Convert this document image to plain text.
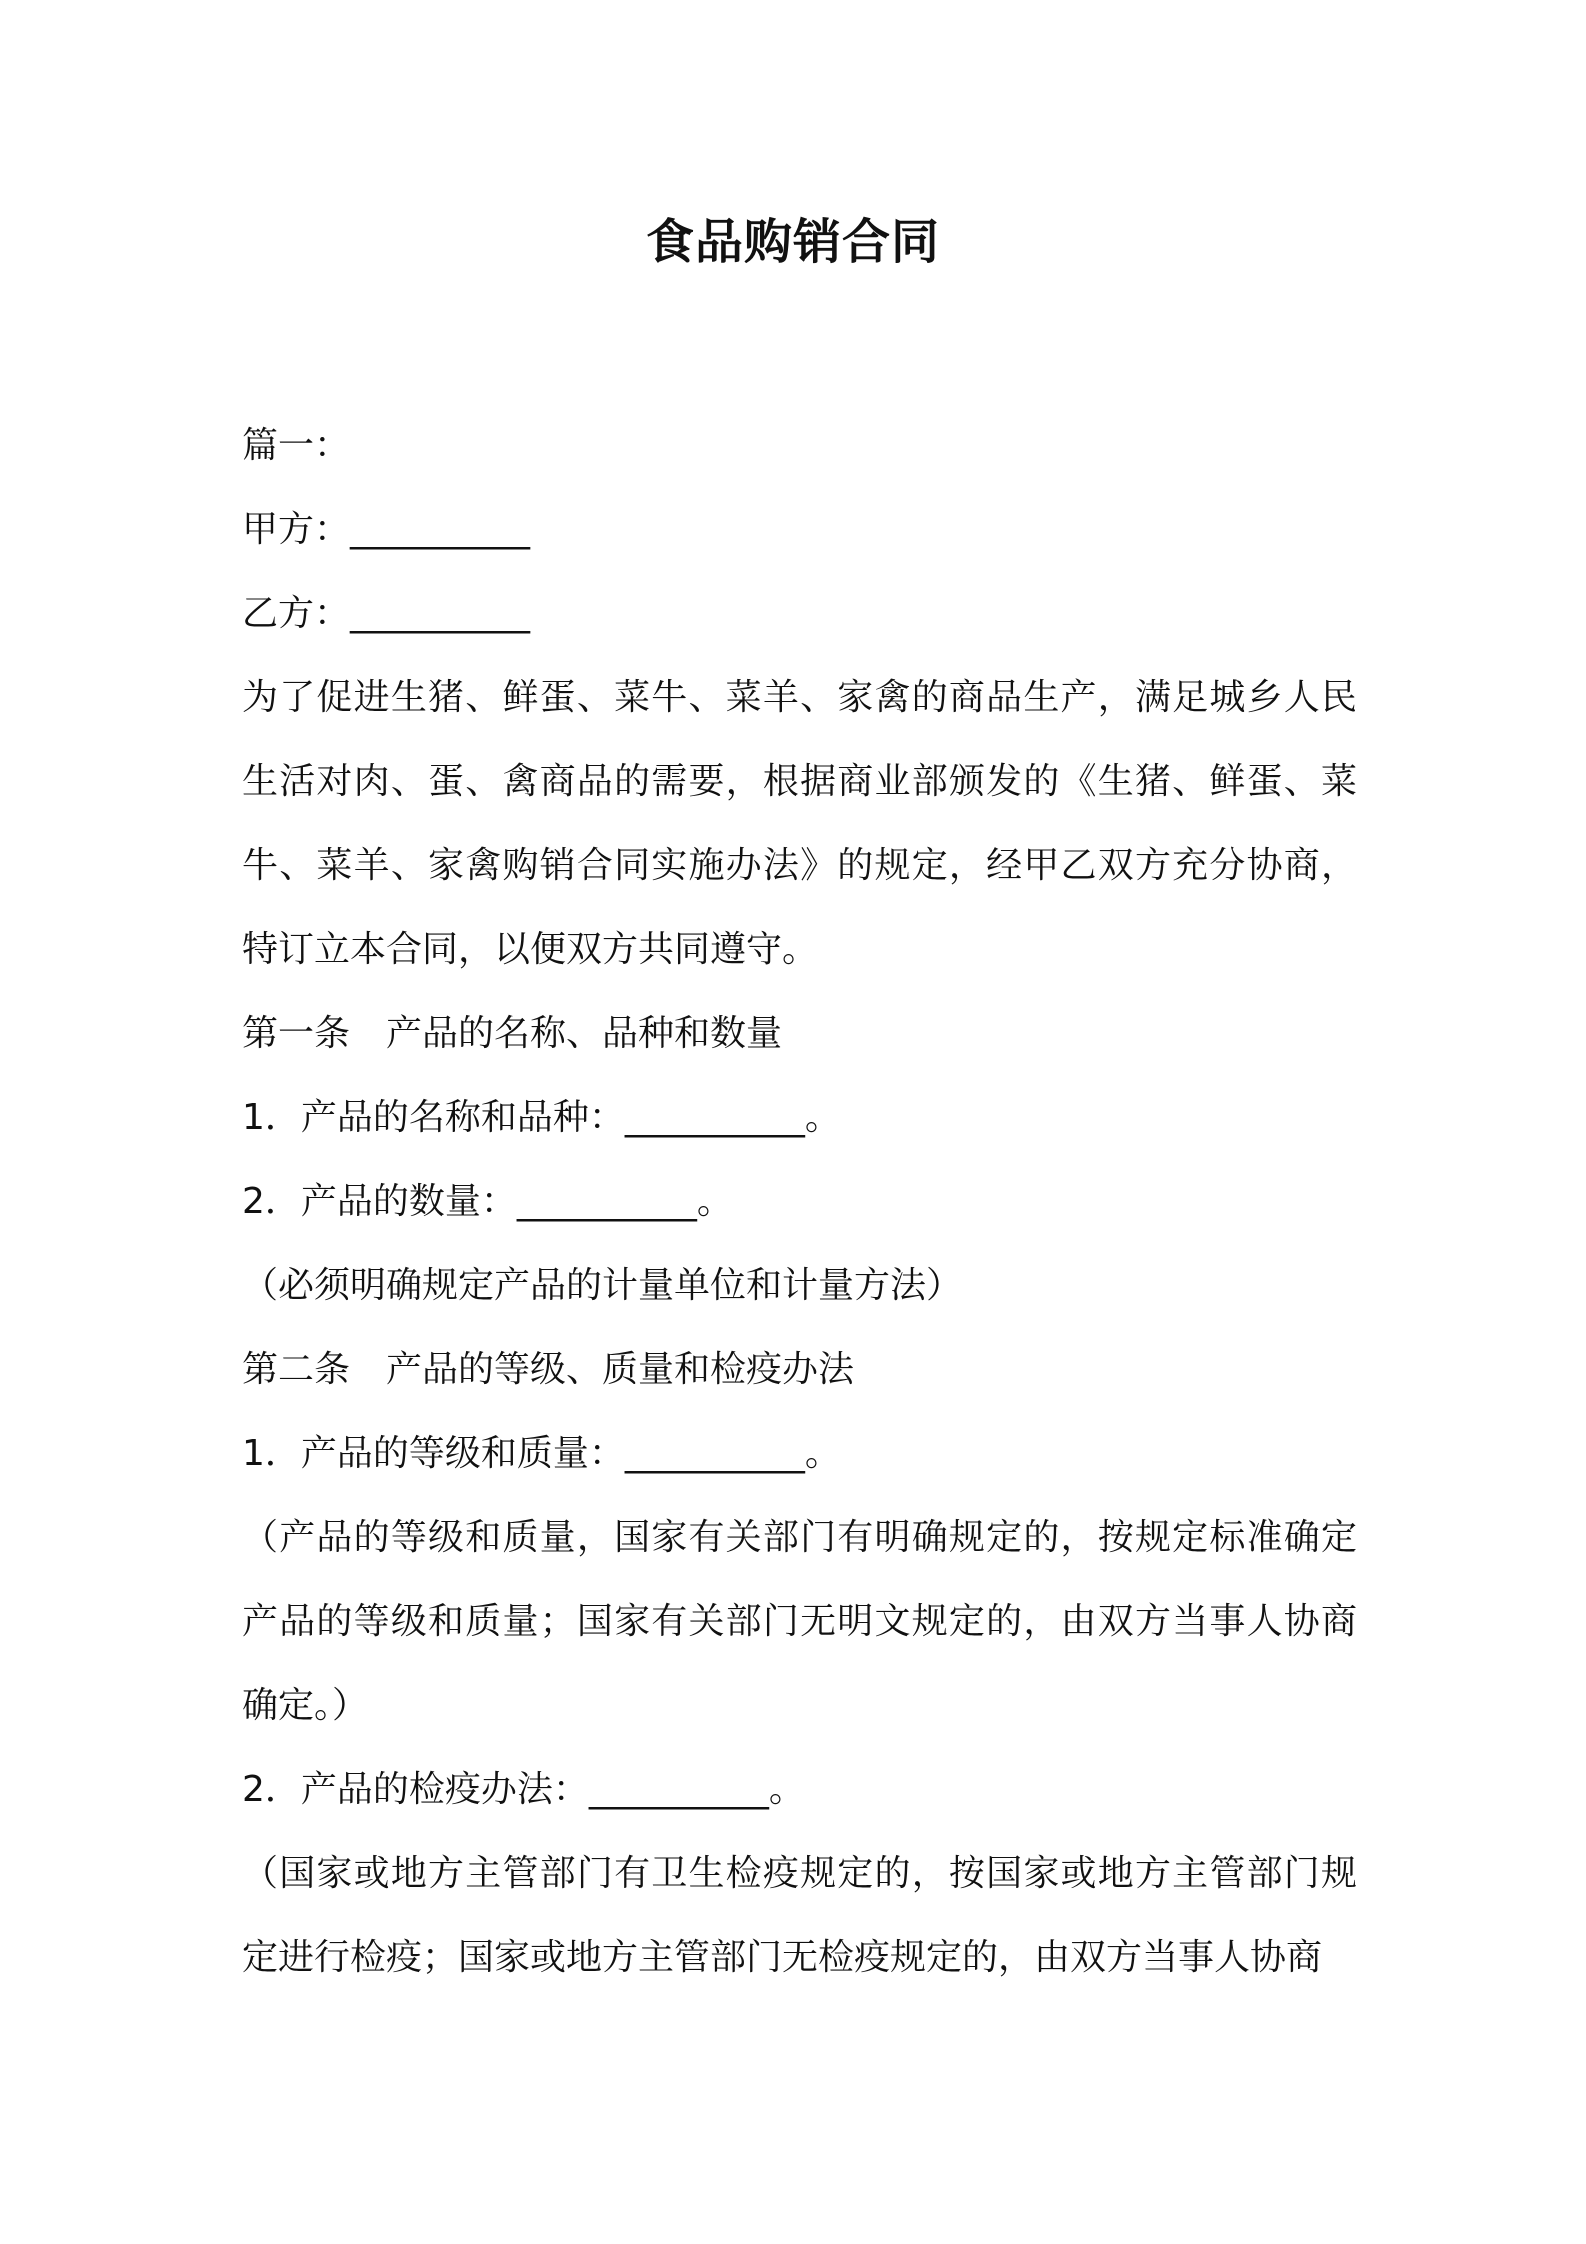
食品购销合同

篇一：

甲方：__________

乙方：__________

为了促进生猪、鲜蛋、菜牛、菜羊、家禽的商品生产，满足城乡人民生活对肉、蛋、禽商品的需要，根据商业部颁发的《生猪、鲜蛋、菜牛、菜羊、家禽购销合同实施办法》的规定，经甲乙双方充分协商，特订立本合同，以便双方共同遵守。

第一条　产品的名称、品种和数量

1．产品的名称和品种：__________。

2．产品的数量：__________。

（必须明确规定产品的计量单位和计量方法）

第二条　产品的等级、质量和检疫办法

1．产品的等级和质量：__________。

（产品的等级和质量，国家有关部门有明确规定的，按规定标准确定产品的等级和质量；国家有关部门无明文规定的，由双方当事人协商确定。）

2．产品的检疫办法：__________。

（国家或地方主管部门有卫生检疫规定的，按国家或地方主管部门规定进行检疫；国家或地方主管部门无检疫规定的，由双方当事人协商
